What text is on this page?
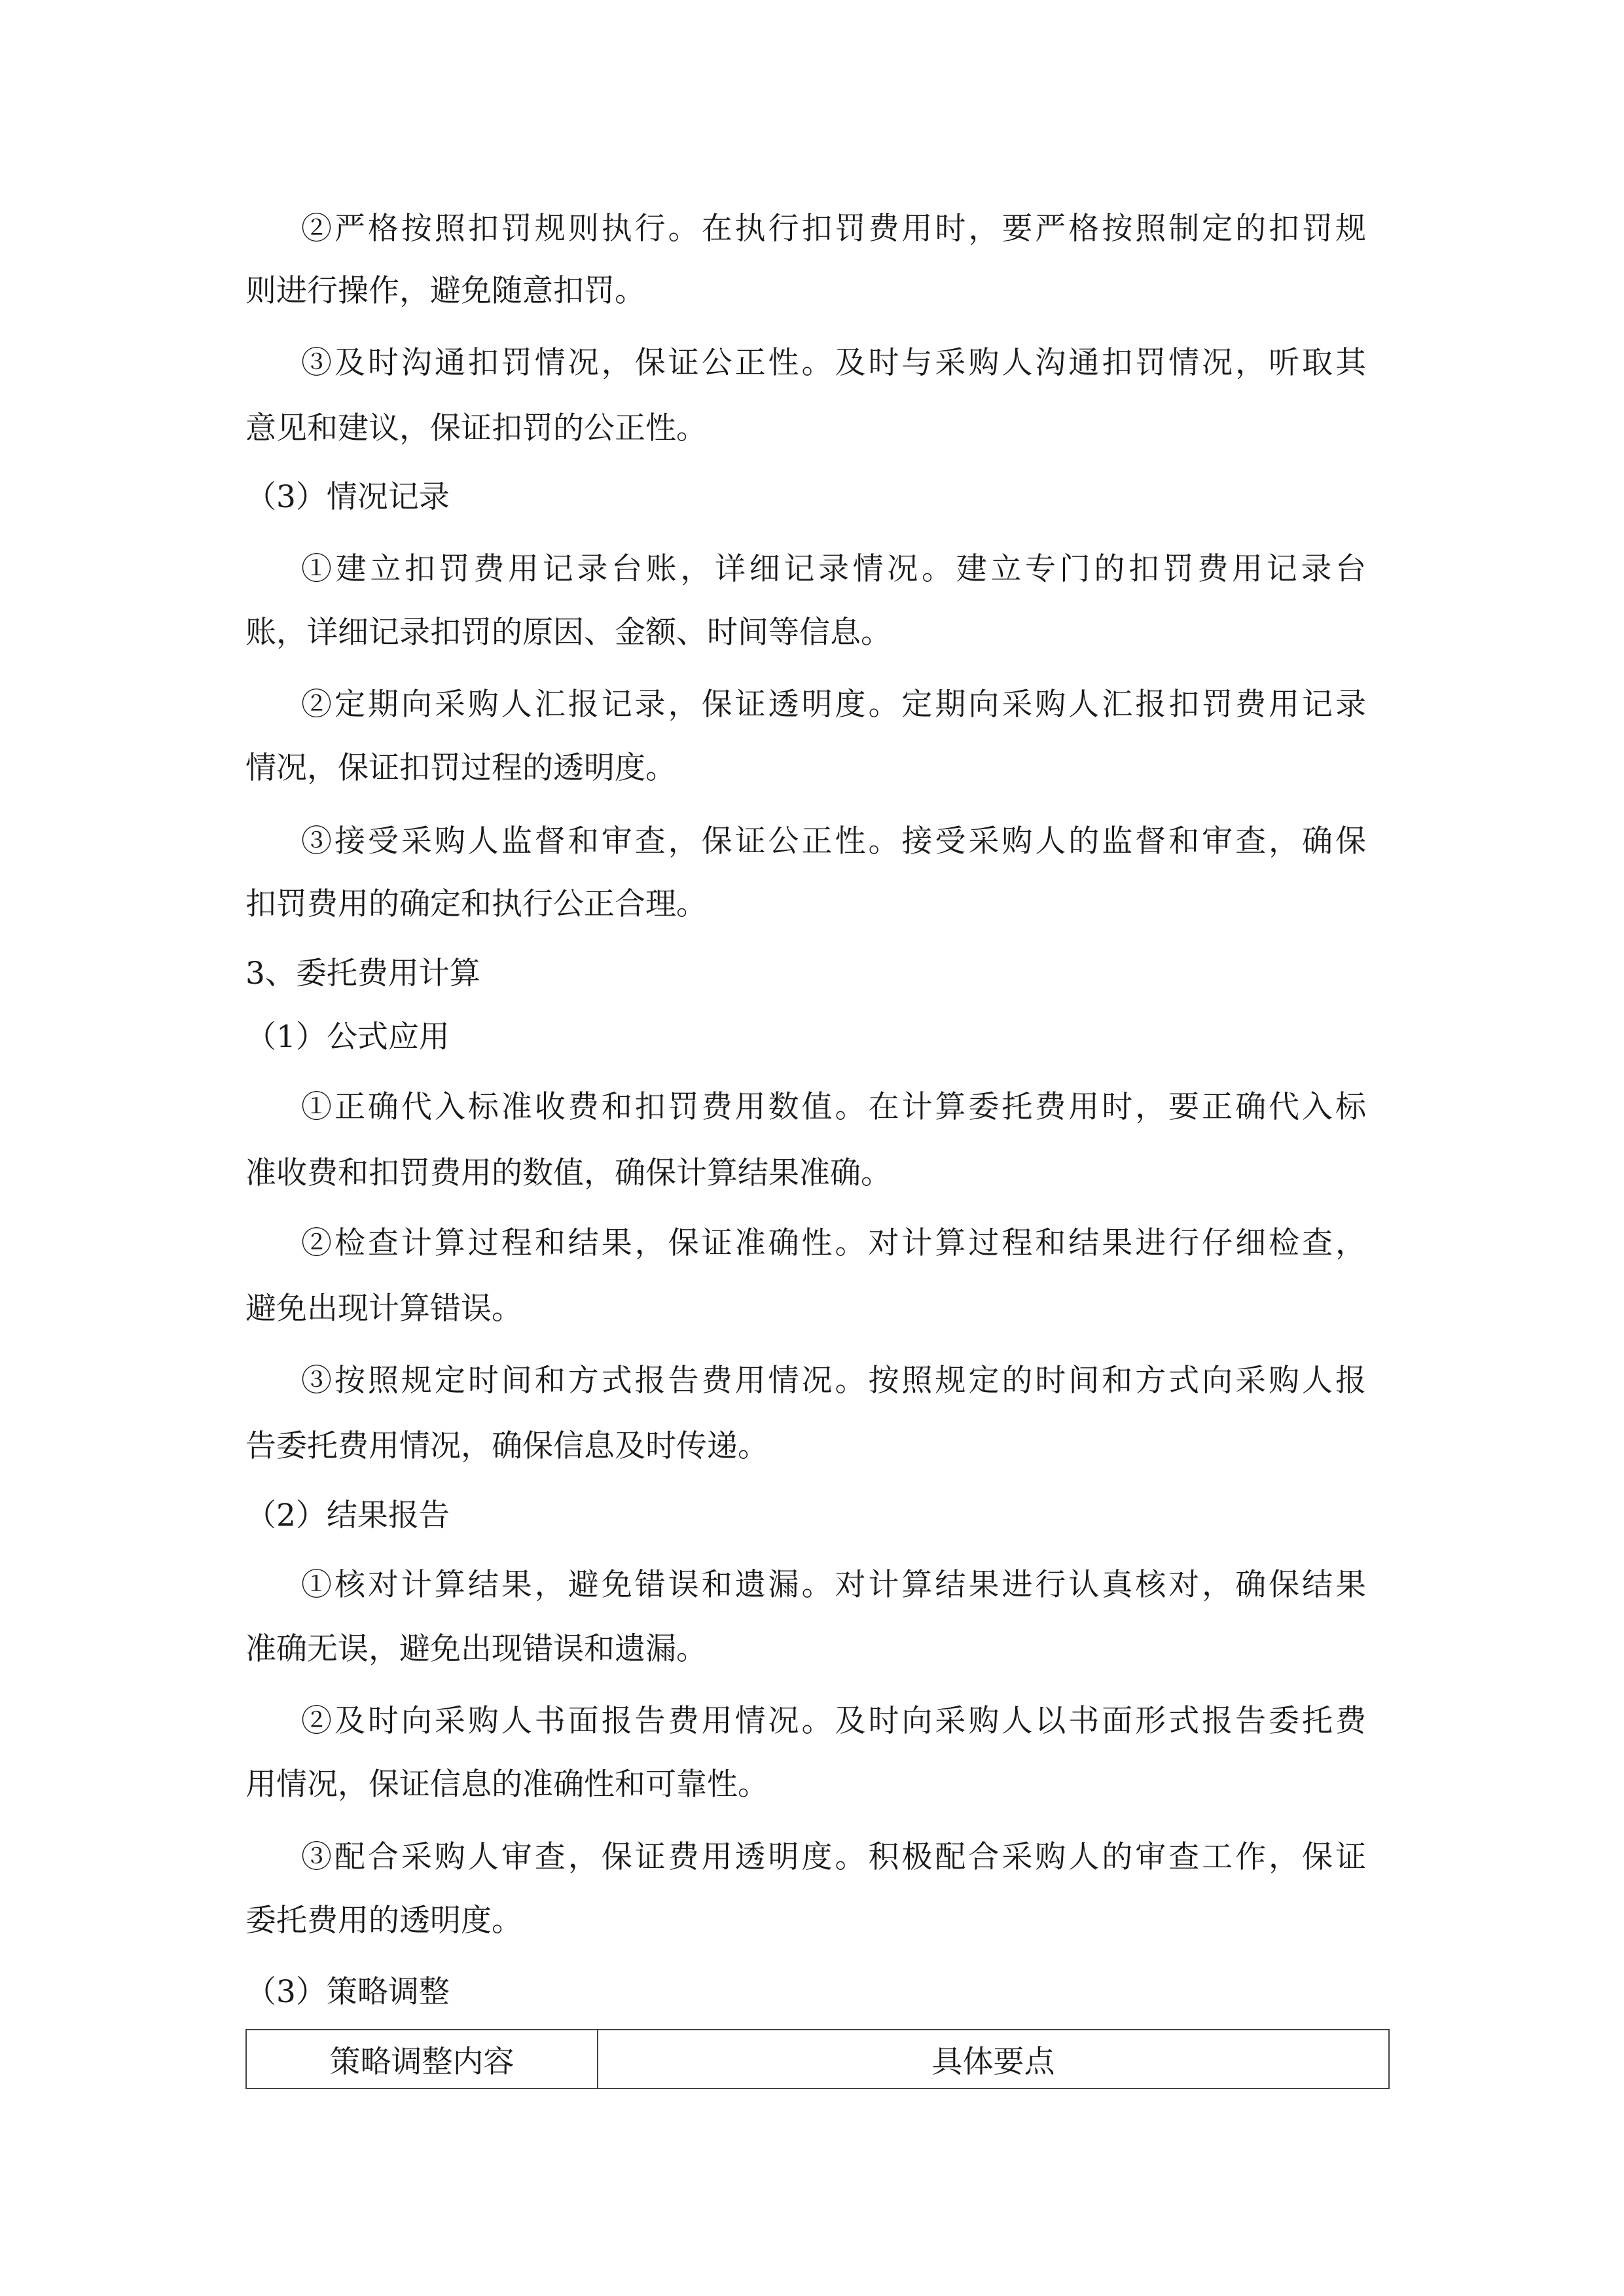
②严格按照扣罚规则执行。在执行扣罚费用时，要严格按照制定的扣罚规
则进行操作，避免随意扣罚。
③及时沟通扣罚情况，保证公正性。及时与采购人沟通扣罚情况，听取其
意见和建议，保证扣罚的公正性。
（3）情况记录
①建立扣罚费用记录台账，详细记录情况。建立专门的扣罚费用记录台
账，详细记录扣罚的原因、金额、时间等信息。
②定期向采购人汇报记录，保证透明度。定期向采购人汇报扣罚费用记录
情况，保证扣罚过程的透明度。
③接受采购人监督和审查，保证公正性。接受采购人的监督和审查，确保
扣罚费用的确定和执行公正合理。
3、委托费用计算
（1）公式应用
①正确代入标准收费和扣罚费用数值。在计算委托费用时，要正确代入标
准收费和扣罚费用的数值，确保计算结果准确。
②检查计算过程和结果，保证准确性。对计算过程和结果进行仔细检查，
避免出现计算错误。
③按照规定时间和方式报告费用情况。按照规定的时间和方式向采购人报
告委托费用情况，确保信息及时传递。
（2）结果报告
①核对计算结果，避免错误和遗漏。对计算结果进行认真核对，确保结果
准确无误，避免出现错误和遗漏。
②及时向采购人书面报告费用情况。及时向采购人以书面形式报告委托费
用情况，保证信息的准确性和可靠性。
③配合采购人审查，保证费用透明度。积极配合采购人的审查工作，保证
委托费用的透明度。
（3）策略调整
策略调整内容	具体要点
